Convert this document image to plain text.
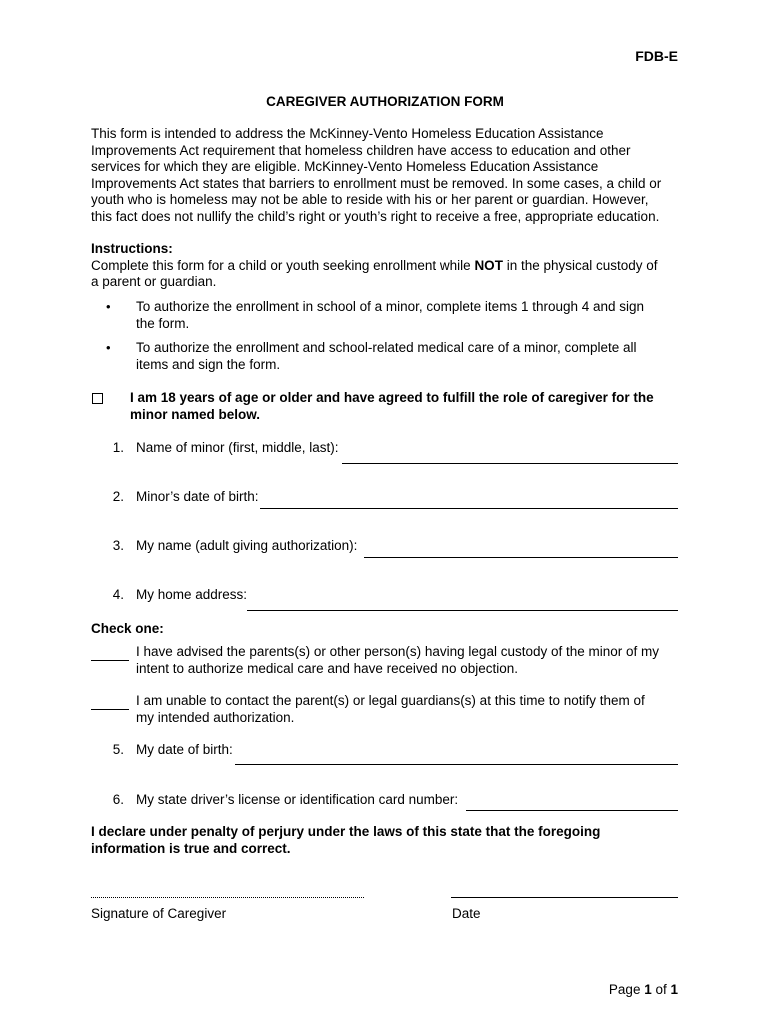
FDB-E
CAREGIVER AUTHORIZATION FORM
This form is intended to address the McKinney-Vento Homeless Education Assistance
Improvements Act requirement that homeless children have access to education and other
services for which they are eligible. McKinney-Vento Homeless Education Assistance
Improvements Act states that barriers to enrollment must be removed. In some cases, a child or
youth who is homeless may not be able to reside with his or her parent or guardian. However,
this fact does not nullify the child’s right or youth’s right to receive a free, appropriate education.
Instructions:
Complete this form for a child or youth seeking enrollment while NOT in the physical custody of
a parent or guardian.
• To authorize the enrollment in school of a minor, complete items 1 through 4 and sign
the form.
• To authorize the enrollment and school-related medical care of a minor, complete all
items and sign the form.
I am 18 years of age or older and have agreed to fulfill the role of caregiver for the
minor named below.
1. Name of minor (first, middle, last):
2. Minor’s date of birth:
3. My name (adult giving authorization):
4. My home address:
Check one:
I have advised the parents(s) or other person(s) having legal custody of the minor of my
intent to authorize medical care and have received no objection.
I am unable to contact the parent(s) or legal guardians(s) at this time to notify them of
my intended authorization.
5. My date of birth:
6. My state driver’s license or identification card number:
I declare under penalty of perjury under the laws of this state that the foregoing
information is true and correct.
Signature of Caregiver	Date
Page 1 of 1
